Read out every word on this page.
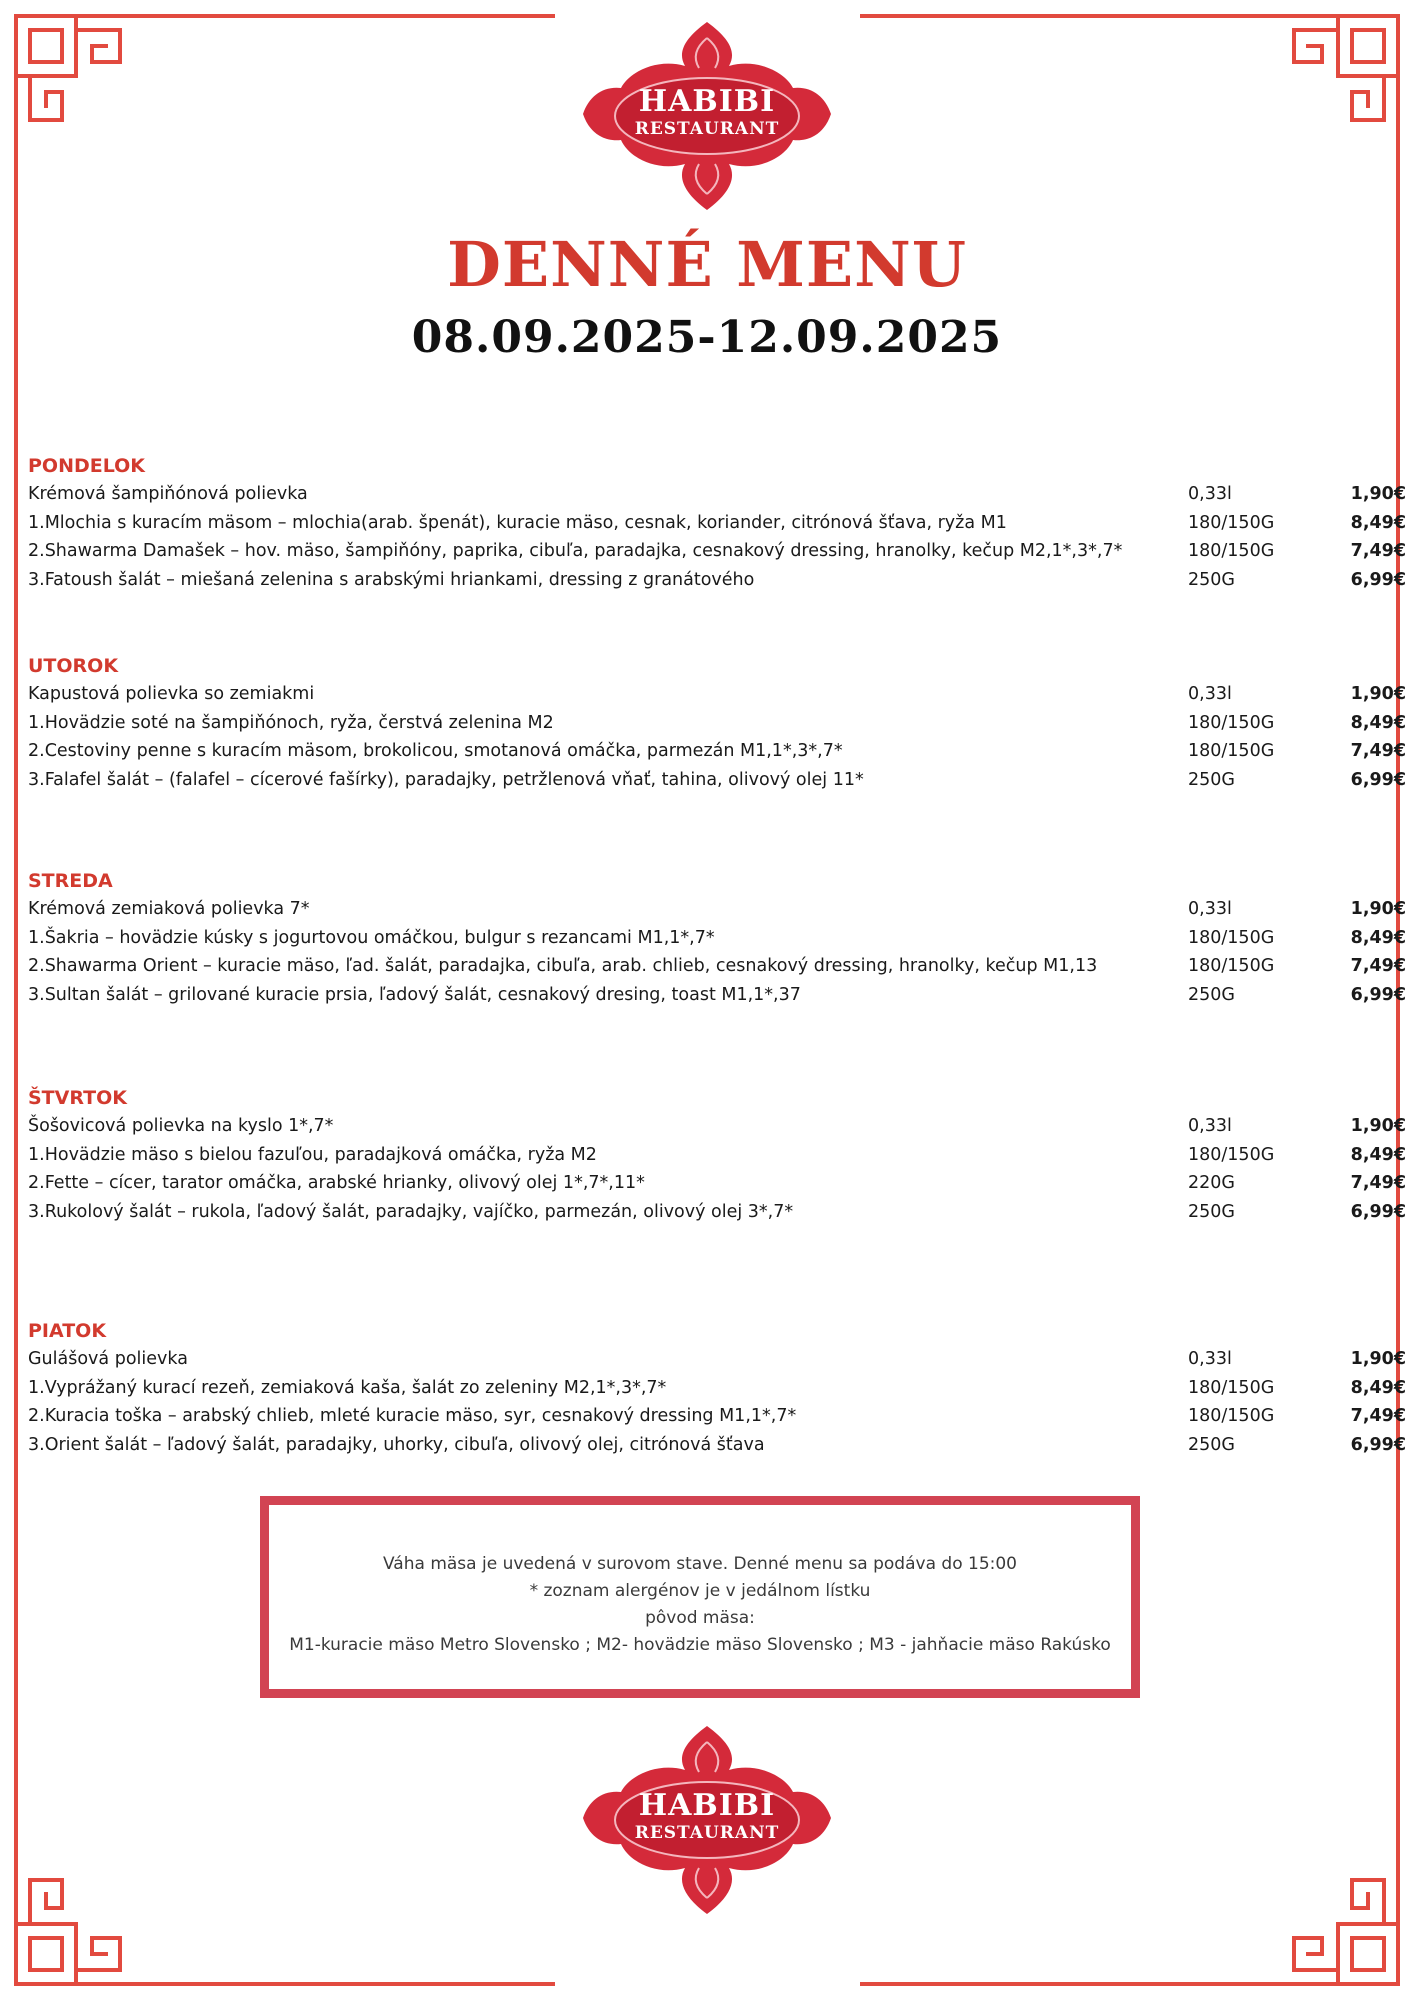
HABIBI
RESTAURANT
DENNÉ MENU
08.09.2025-12.09.2025
PONDELOK
Krémová šampiňónová polievka	0,33l	1,90€
1.Mlochia s kuracím mäsom – mlochia(arab. špenát), kuracie mäso, cesnak, koriander, citrónová šťava, ryža M1	180/150G	8,49€
2.Shawarma Damašek – hov. mäso, šampiňóny, paprika, cibuľa, paradajka, cesnakový dressing, hranolky, kečup M2,1*,3*,7*	180/150G	7,49€
3.Fatoush šalát – miešaná zelenina s arabskými hriankami, dressing z granátového	250G	6,99€
UTOROK
Kapustová polievka so zemiakmi	0,33l	1,90€
1.Hovädzie soté na šampiňónoch, ryža, čerstvá zelenina M2	180/150G	8,49€
2.Cestoviny penne s kuracím mäsom, brokolicou, smotanová omáčka, parmezán M1,1*,3*,7*	180/150G	7,49€
3.Falafel šalát – (falafel – cícerové fašírky), paradajky, petržlenová vňať, tahina, olivový olej 11*	250G	6,99€
STREDA
Krémová zemiaková polievka 7*	0,33l	1,90€
1.Šakria – hovädzie kúsky s jogurtovou omáčkou, bulgur s rezancami M1,1*,7*	180/150G	8,49€
2.Shawarma Orient – kuracie mäso, ľad. šalát, paradajka, cibuľa, arab. chlieb, cesnakový dressing, hranolky, kečup M1,13	180/150G	7,49€
3.Sultan šalát – grilované kuracie prsia, ľadový šalát, cesnakový dresing, toast M1,1*,37	250G	6,99€
ŠTVRTOK
Šošovicová polievka na kyslo 1*,7*	0,33l	1,90€
1.Hovädzie mäso s bielou fazuľou, paradajková omáčka, ryža M2	180/150G	8,49€
2.Fette – cícer, tarator omáčka, arabské hrianky, olivový olej 1*,7*,11*	220G	7,49€
3.Rukolový šalát – rukola, ľadový šalát, paradajky, vajíčko, parmezán, olivový olej 3*,7*	250G	6,99€
PIATOK
Gulášová polievka	0,33l	1,90€
1.Vyprážaný kurací rezeň, zemiaková kaša, šalát zo zeleniny M2,1*,3*,7*	180/150G	8,49€
2.Kuracia toška – arabský chlieb, mleté kuracie mäso, syr, cesnakový dressing M1,1*,7*	180/150G	7,49€
3.Orient šalát – ľadový šalát, paradajky, uhorky, cibuľa, olivový olej, citrónová šťava	250G	6,99€
Váha mäsa je uvedená v surovom stave. Denné menu sa podáva do 15:00
* zoznam alergénov je v jedálnom lístku
pôvod mäsa:
M1-kuracie mäso Metro Slovensko ; M2- hovädzie mäso Slovensko ; M3 - jahňacie mäso Rakúsko
HABIBI
RESTAURANT
